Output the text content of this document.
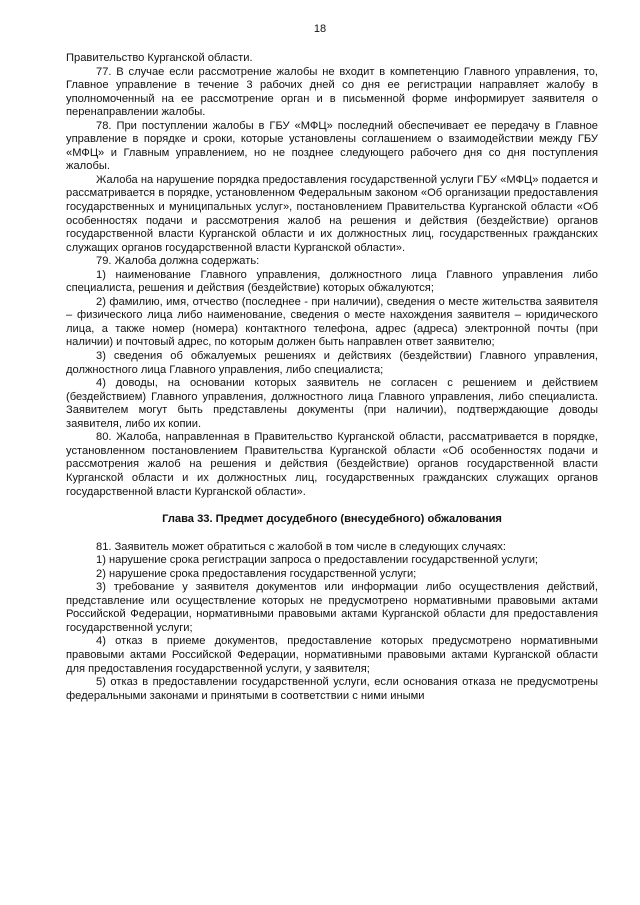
18

Правительство Курганской области.

77. В случае если рассмотрение жалобы не входит в компетенцию Главного управления, то, Главное управление в течение 3 рабочих дней со дня ее регистрации направляет жалобу в уполномоченный на ее рассмотрение орган и в письменной форме информирует заявителя о перенаправлении жалобы.

78. При поступлении жалобы в ГБУ «МФЦ» последний обеспечивает ее передачу в Главное управление в порядке и сроки, которые установлены соглашением о взаимодействии между ГБУ «МФЦ» и Главным управлением, но не позднее следующего рабочего дня со дня поступления жалобы.

Жалоба на нарушение порядка предоставления государственной услуги ГБУ «МФЦ» подается и рассматривается в порядке, установленном Федеральным законом «Об организации предоставления государственных и муниципальных услуг», постановлением Правительства Курганской области «Об особенностях подачи и рассмотрения жалоб на решения и действия (бездействие) органов государственной власти Курганской области и их должностных лиц, государственных гражданских служащих органов государственной власти Курганской области».

79. Жалоба должна содержать:

1) наименование Главного управления, должностного лица Главного управления либо специалиста, решения и действия (бездействие) которых обжалуются;

2) фамилию, имя, отчество (последнее - при наличии), сведения о месте жительства заявителя – физического лица либо наименование, сведения о месте нахождения заявителя – юридического лица, а также номер (номера) контактного телефона, адрес (адреса) электронной почты (при наличии) и почтовый адрес, по которым должен быть направлен ответ заявителю;

3) сведения об обжалуемых решениях и действиях (бездействии) Главного управления, должностного лица Главного управления, либо специалиста;

4) доводы, на основании которых заявитель не согласен с решением и действием (бездействием) Главного управления, должностного лица Главного управления, либо специалиста. Заявителем могут быть представлены документы (при наличии), подтверждающие доводы заявителя, либо их копии.

80. Жалоба, направленная в Правительство Курганской области, рассматривается в порядке, установленном постановлением Правительства Курганской области «Об особенностях подачи и рассмотрения жалоб на решения и действия (бездействие) органов государственной власти Курганской области и их должностных лиц, государственных гражданских служащих органов государственной власти Курганской области».

Глава 33. Предмет досудебного (внесудебного) обжалования

81. Заявитель может обратиться с жалобой в том числе в следующих случаях:

1) нарушение срока регистрации запроса о предоставлении государственной услуги;

2) нарушение срока предоставления государственной услуги;

3) требование у заявителя документов или информации либо осуществления действий, представление или осуществление которых не предусмотрено нормативными правовыми актами Российской Федерации, нормативными правовыми актами Курганской области для предоставления государственной услуги;

4) отказ в приеме документов, предоставление которых предусмотрено нормативными правовыми актами Российской Федерации, нормативными правовыми актами Курганской области для предоставления государственной услуги, у заявителя;

5) отказ в предоставлении государственной услуги, если основания отказа не предусмотрены федеральными законами и принятыми в соответствии с ними иными
